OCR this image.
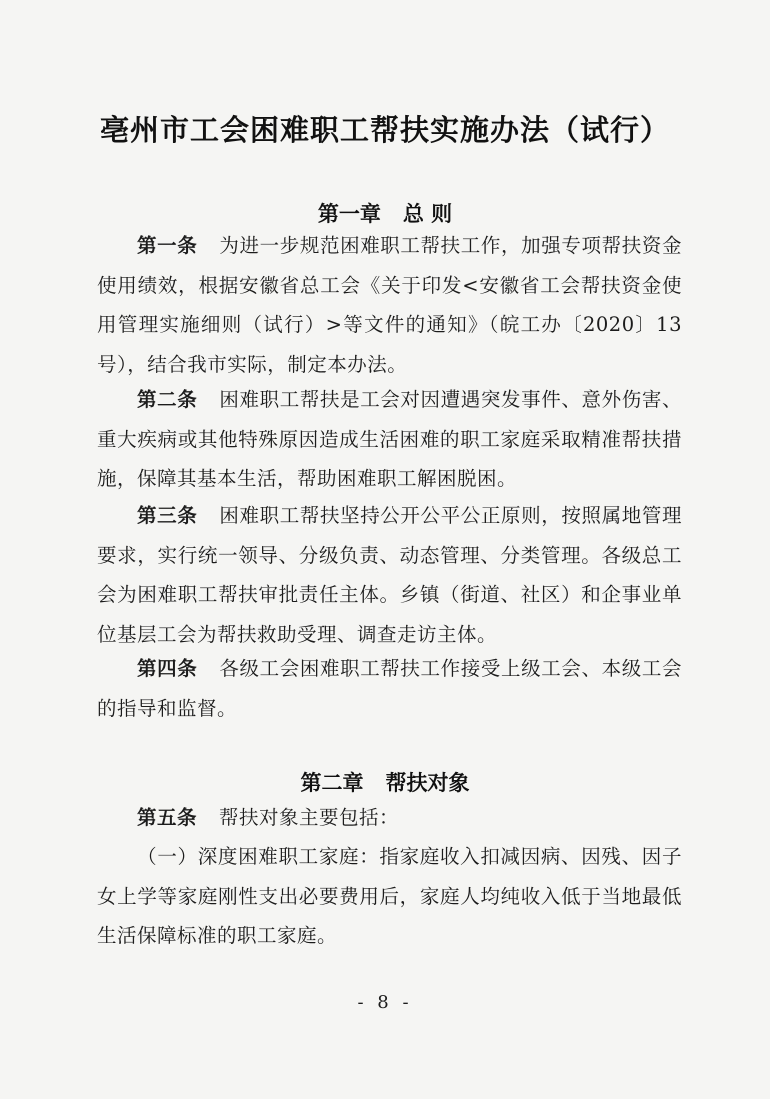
亳州市工会困难职工帮扶实施办法（试行）
第一章 总 则
第一条 为进一步规范困难职工帮扶工作，加强专项帮扶资金使用绩效，根据安徽省总工会《关于印发<安徽省工会帮扶资金使用管理实施细则（试行）>等文件的通知》（皖工办〔2020〕13号），结合我市实际，制定本办法。
第二条 困难职工帮扶是工会对因遭遇突发事件、意外伤害、重大疾病或其他特殊原因造成生活困难的职工家庭采取精准帮扶措施，保障其基本生活，帮助困难职工解困脱困。
第三条 困难职工帮扶坚持公开公平公正原则，按照属地管理要求，实行统一领导、分级负责、动态管理、分类管理。各级总工会为困难职工帮扶审批责任主体。乡镇（街道、社区）和企事业单位基层工会为帮扶救助受理、调查走访主体。
第四条 各级工会困难职工帮扶工作接受上级工会、本级工会的指导和监督。
第二章 帮扶对象
第五条 帮扶对象主要包括：
（一）深度困难职工家庭：指家庭收入扣减因病、因残、因子女上学等家庭刚性支出必要费用后，家庭人均纯收入低于当地最低生活保障标准的职工家庭。
- 8 -
